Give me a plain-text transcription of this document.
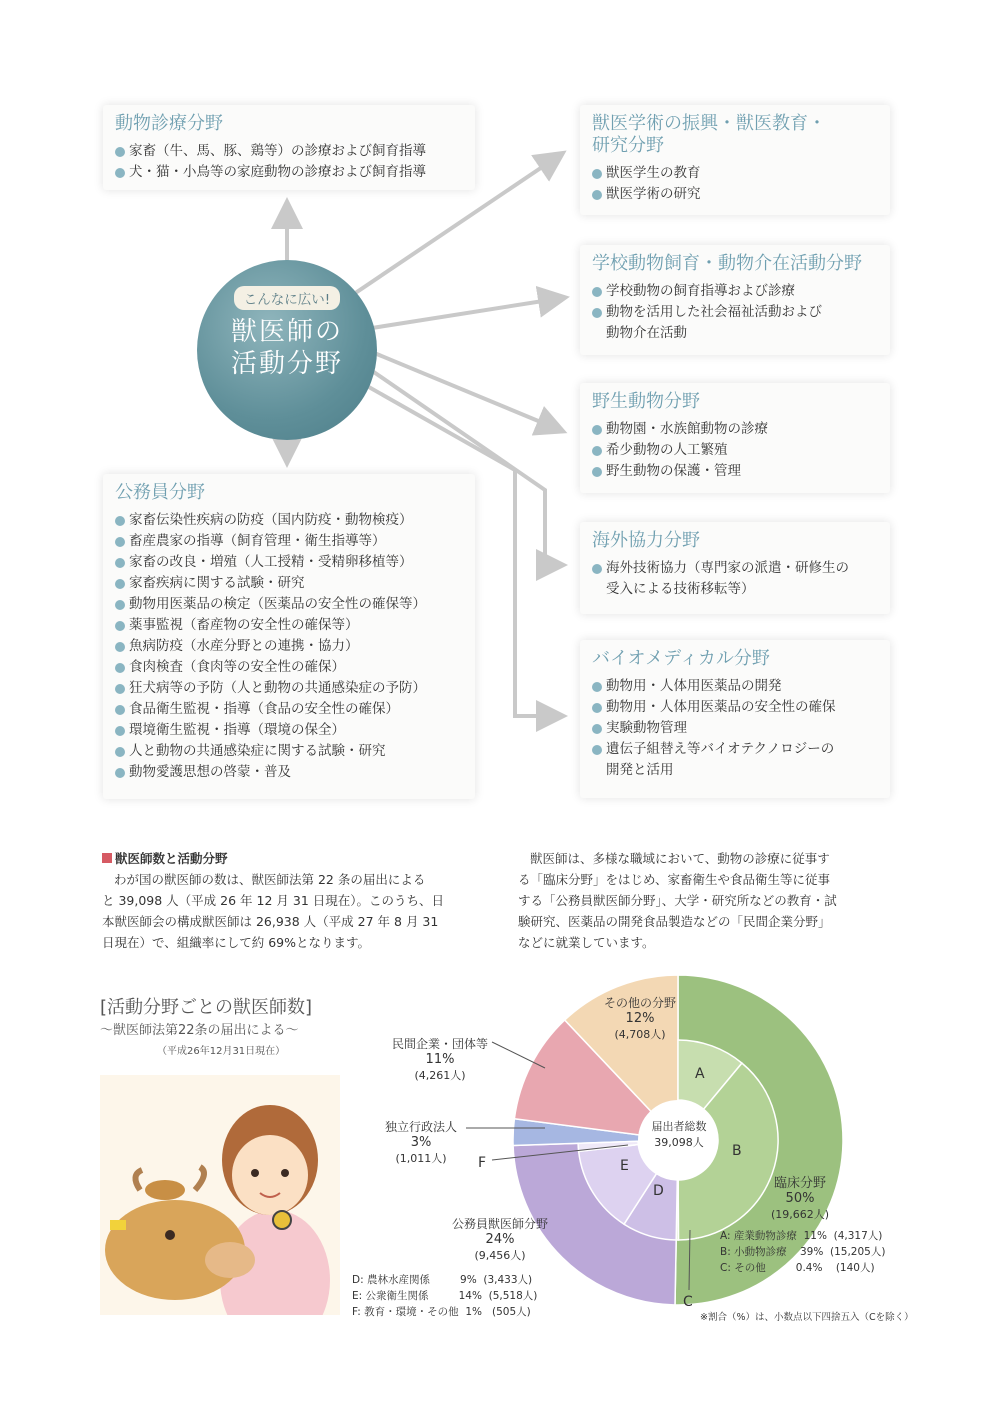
こんなに広い!
獣医師の
活動分野
動物診療分野
家畜（牛、馬、豚、鶏等）の診療および飼育指導
犬・猫・小鳥等の家庭動物の診療および飼育指導
獣医学術の振興・獣医教育・
研究分野
獣医学生の教育
獣医学術の研究
学校動物飼育・動物介在活動分野
学校動物の飼育指導および診療
動物を活用した社会福祉活動および
動物介在活動
野生動物分野
動物園・水族館動物の診療
希少動物の人工繁殖
野生動物の保護・管理
海外協力分野
海外技術協力（専門家の派遣・研修生の
受入による技術移転等）
バイオメディカル分野
動物用・人体用医薬品の開発
動物用・人体用医薬品の安全性の確保
実験動物管理
遺伝子組替え等バイオテクノロジーの
開発と活用
公務員分野
家畜伝染性疾病の防疫（国内防疫・動物検疫）
畜産農家の指導（飼育管理・衛生指導等）
家畜の改良・増殖（人工授精・受精卵移植等）
家畜疾病に関する試験・研究
動物用医薬品の検定（医薬品の安全性の確保等）
薬事監視（畜産物の安全性の確保等）
魚病防疫（水産分野との連携・協力）
食肉検査（食肉等の安全性の確保）
狂犬病等の予防（人と動物の共通感染症の予防）
食品衛生監視・指導（食品の安全性の確保）
環境衛生監視・指導（環境の保全）
人と動物の共通感染症に関する試験・研究
動物愛護思想の啓蒙・普及
獣医師数と活動分野
わが国の獣医師の数は、獣医師法第 22 条の届出による
と 39,098 人（平成 26 年 12 月 31 日現在）。このうち、日
本獣医師会の構成獣医師は 26,938 人（平成 27 年 8 月 31
日現在）で、組織率にして約 69%となります。
獣医師は、多様な職域において、動物の診療に従事す
る「臨床分野」をはじめ、家畜衛生や食品衛生等に従事
する「公務員獣医師分野」、大学・研究所などの教育・試
験研究、医薬品の開発食品製造などの「民間企業分野」
などに就業しています。
[活動分野ごとの獣医師数]
～獣医師法第22条の届出による～
（平成26年12月31日現在）
その他の分野
12%
(4,708人)
民間企業・団体等
11%
(4,261人)
独立行政法人
3%
(1,011人)
公務員獣医師分野
24%
(9,456人)
臨床分野
50%
(19,662人)
届出者総数
39,098人
A
B
C
D
E
F
A: 産業動物診療 11% (4,317人)
B: 小動物診療 39% (15,205人)
C: その他	0.4% (140人)
D: 農林水産関係	9% (3,433人)
E: 公衆衛生関係	14% (5,518人)
F: 教育・環境・その他 1% (505人)	※割合（%）は、小数点以下四捨五入（Cを除く）
